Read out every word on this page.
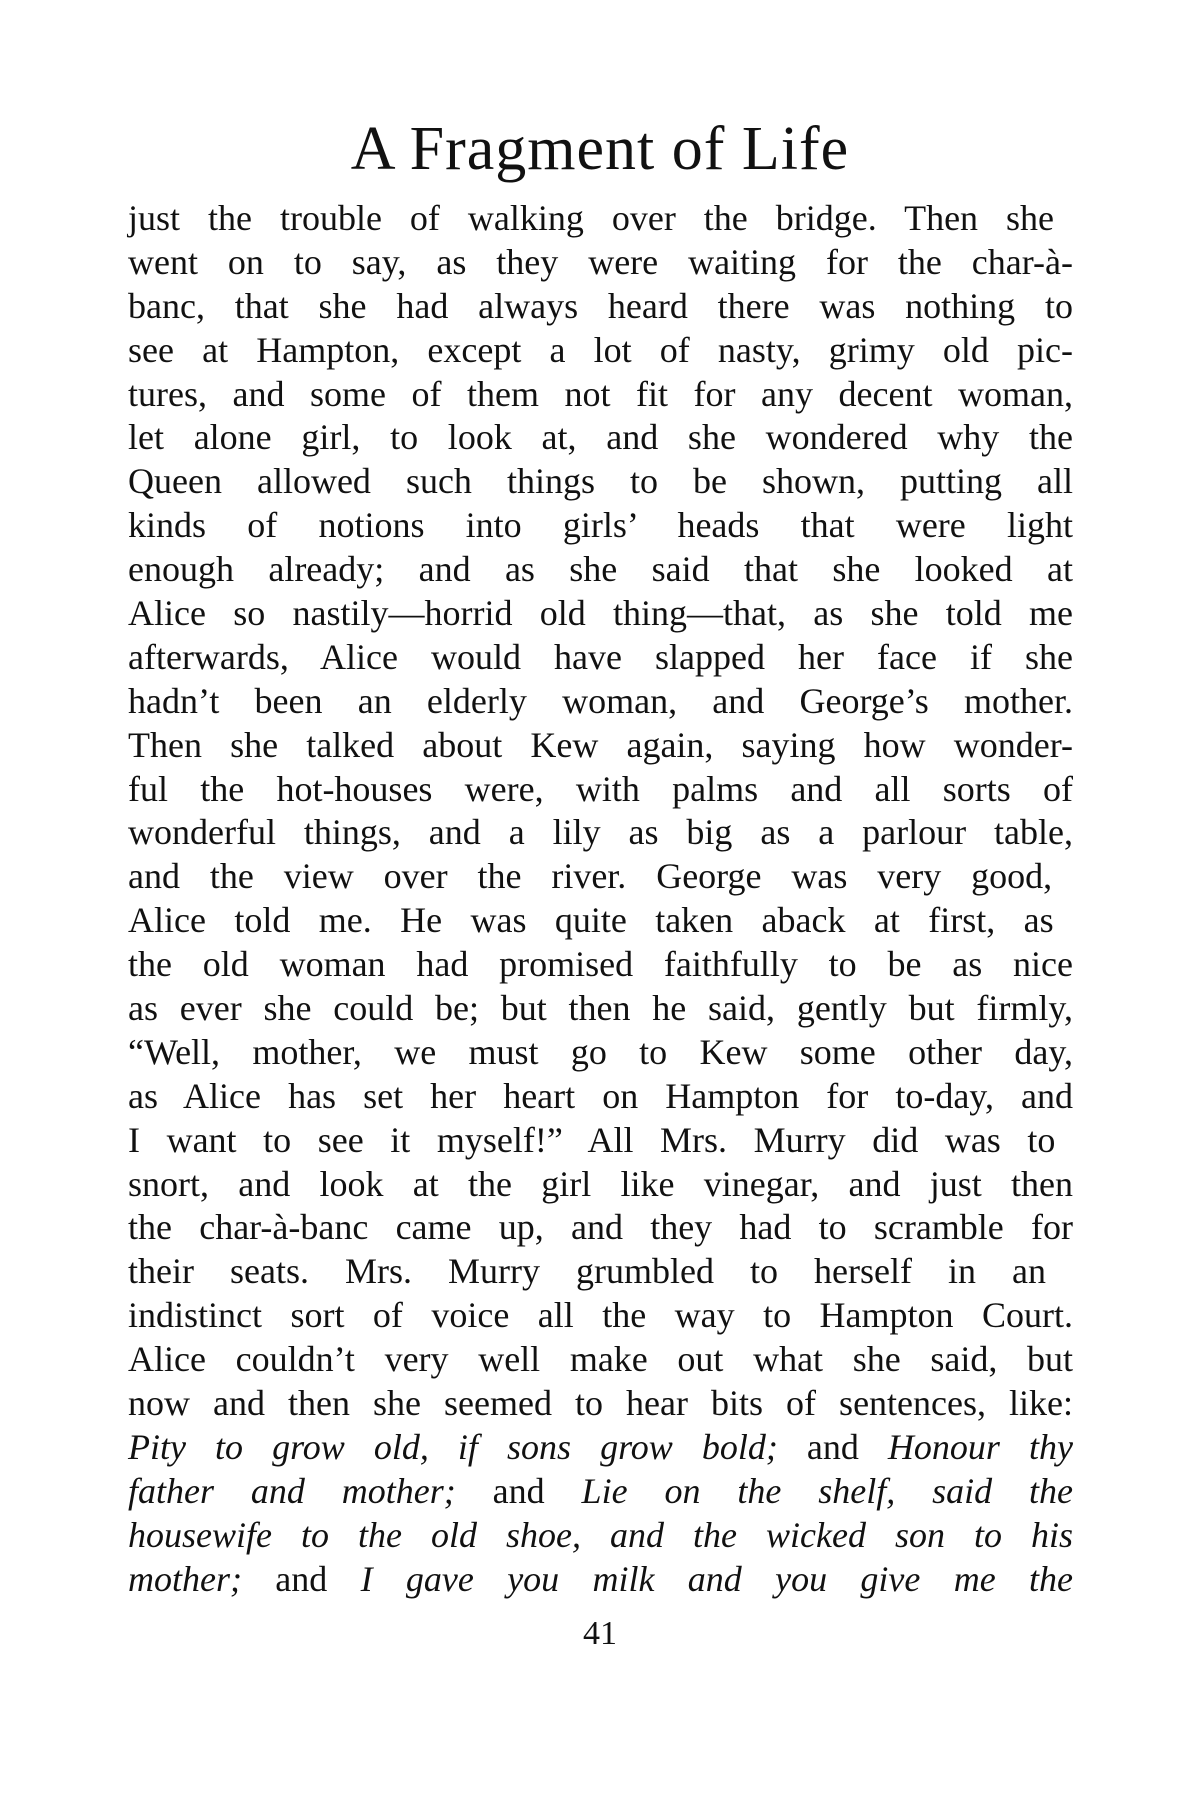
A Fragment of Life
just the trouble of walking over the bridge. Then she
went on to say, as they were waiting for the char-à-
banc, that she had always heard there was nothing to
see at Hampton, except a lot of nasty, grimy old pic-
tures, and some of them not fit for any decent woman,
let alone girl, to look at, and she wondered why the
Queen allowed such things to be shown, putting all
kinds of notions into girls’ heads that were light
enough already; and as she said that she looked at
Alice so nastily—horrid old thing—that, as she told me
afterwards, Alice would have slapped her face if she
hadn’t been an elderly woman, and George’s mother.
Then she talked about Kew again, saying how wonder-
ful the hot-houses were, with palms and all sorts of
wonderful things, and a lily as big as a parlour table,
and the view over the river. George was very good,
Alice told me. He was quite taken aback at first, as
the old woman had promised faithfully to be as nice
as ever she could be; but then he said, gently but firmly,
“Well, mother, we must go to Kew some other day,
as Alice has set her heart on Hampton for to-day, and
I want to see it myself!” All Mrs. Murry did was to
snort, and look at the girl like vinegar, and just then
the char-à-banc came up, and they had to scramble for
their seats. Mrs. Murry grumbled to herself in an
indistinct sort of voice all the way to Hampton Court.
Alice couldn’t very well make out what she said, but
now and then she seemed to hear bits of sentences, like:
Pity to grow old, if sons grow bold; and Honour thy
father and mother; and Lie on the shelf, said the
housewife to the old shoe, and the wicked son to his
mother; and I gave you milk and you give me the
41
